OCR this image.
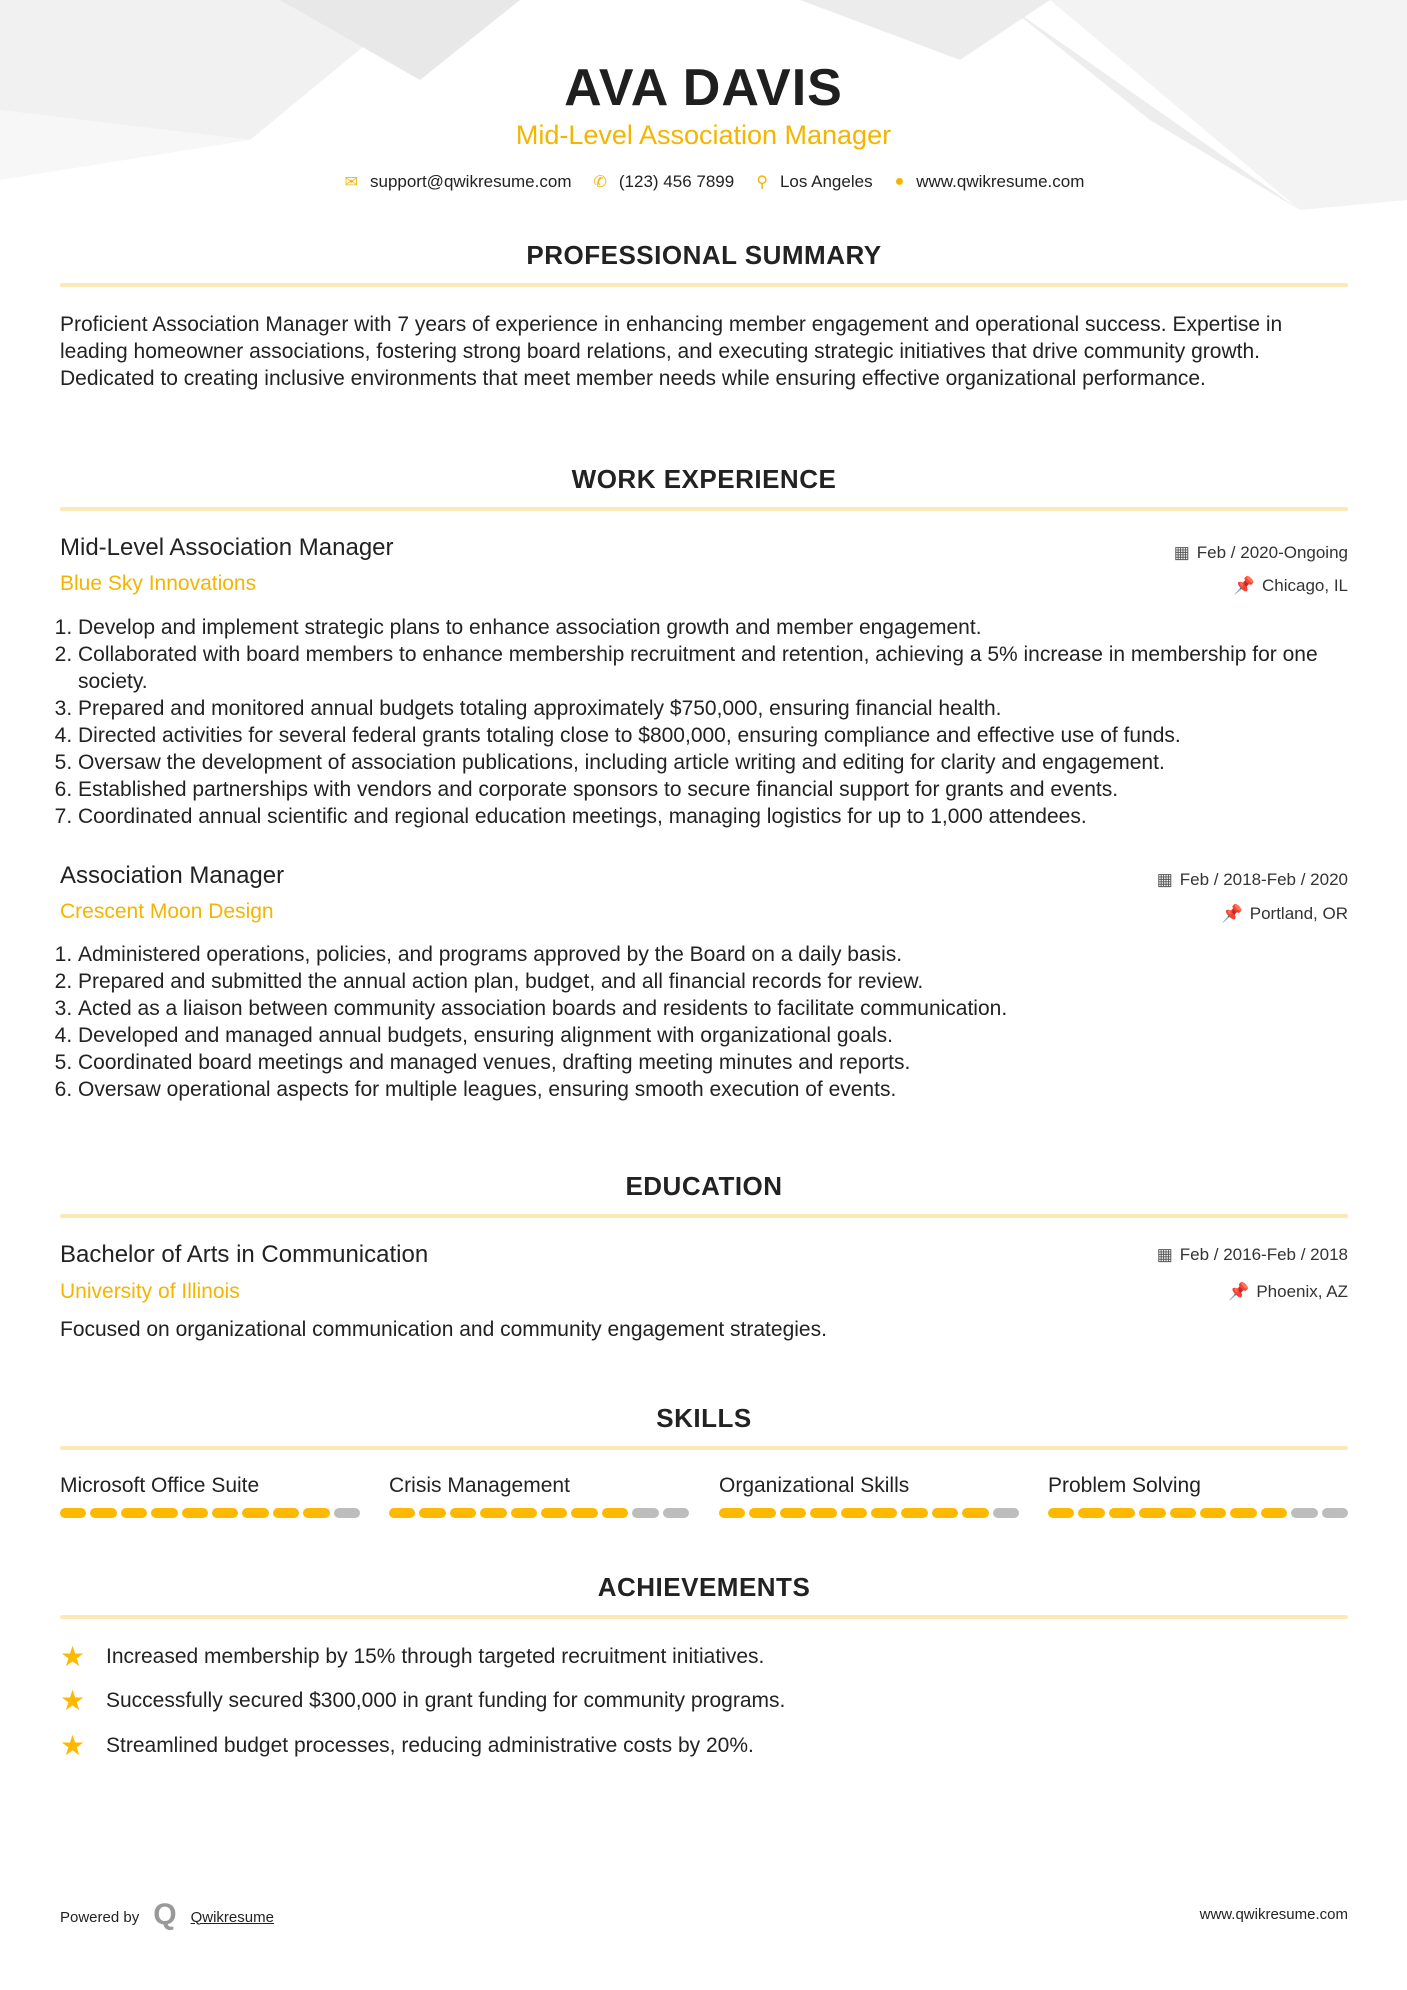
AVA DAVIS
Mid-Level Association Manager
✉ support@qwikresume.com ✆ (123) 456 7899 ⚲ Los Angeles ● www.qwikresume.com
PROFESSIONAL SUMMARY
Proficient Association Manager with 7 years of experience in enhancing member engagement and operational success. Expertise in leading homeowner associations, fostering strong board relations, and executing strategic initiatives that drive community growth. Dedicated to creating inclusive environments that meet member needs while ensuring effective organizational performance.
WORK EXPERIENCE
Mid-Level Association Manager	▦ Feb / 2020-Ongoing
Blue Sky Innovations	📌 Chicago, IL
1. Develop and implement strategic plans to enhance association growth and member engagement.
2. Collaborated with board members to enhance membership recruitment and retention, achieving a 5% increase in membership for one society.
3. Prepared and monitored annual budgets totaling approximately $750,000, ensuring financial health.
4. Directed activities for several federal grants totaling close to $800,000, ensuring compliance and effective use of funds.
5. Oversaw the development of association publications, including article writing and editing for clarity and engagement.
6. Established partnerships with vendors and corporate sponsors to secure financial support for grants and events.
7. Coordinated annual scientific and regional education meetings, managing logistics for up to 1,000 attendees.
Association Manager	▦ Feb / 2018-Feb / 2020
Crescent Moon Design	📌 Portland, OR
1. Administered operations, policies, and programs approved by the Board on a daily basis.
2. Prepared and submitted the annual action plan, budget, and all financial records for review.
3. Acted as a liaison between community association boards and residents to facilitate communication.
4. Developed and managed annual budgets, ensuring alignment with organizational goals.
5. Coordinated board meetings and managed venues, drafting meeting minutes and reports.
6. Oversaw operational aspects for multiple leagues, ensuring smooth execution of events.
EDUCATION
Bachelor of Arts in Communication	▦ Feb / 2016-Feb / 2018
University of Illinois	📌 Phoenix, AZ
Focused on organizational communication and community engagement strategies.
SKILLS
Microsoft Office Suite	Crisis Management	Organizational Skills	Problem Solving
ACHIEVEMENTS
★ Increased membership by 15% through targeted recruitment initiatives.
★ Successfully secured $300,000 in grant funding for community programs.
★ Streamlined budget processes, reducing administrative costs by 20%.
Powered by Q Qwikresume	www.qwikresume.com
